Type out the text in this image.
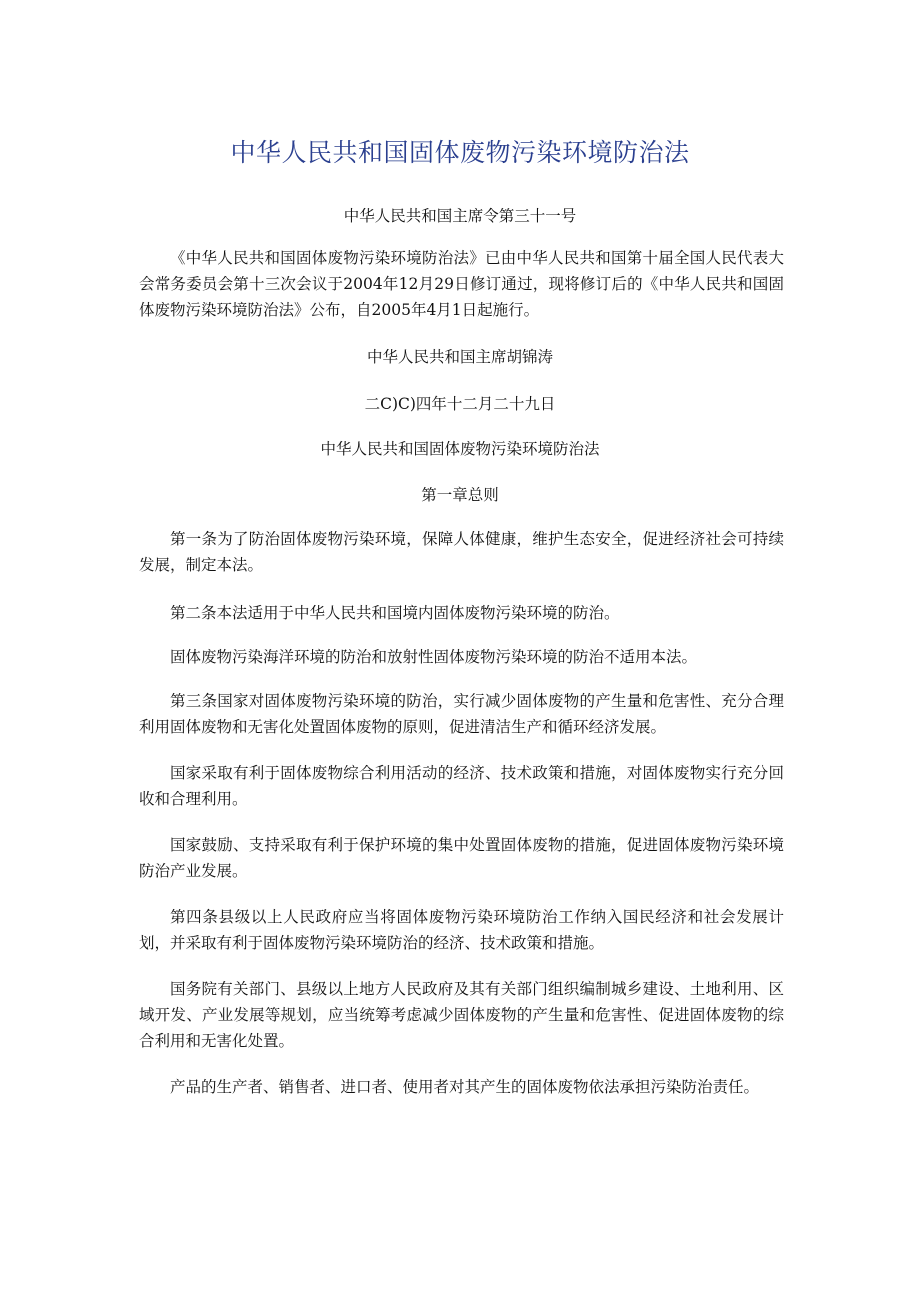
中华人民共和国固体废物污染环境防治法
中华人民共和国主席令第三十一号
《中华人民共和国固体废物污染环境防治法》已由中华人民共和国第十届全国人民代表大会常务委员会第十三次会议于2004年12月29日修订通过，现将修订后的《中华人民共和国固体废物污染环境防治法》公布，自2005年4月1日起施行。
中华人民共和国主席胡锦涛
二C)C)四年十二月二十九日
中华人民共和国固体废物污染环境防治法
第一章总则
第一条为了防治固体废物污染环境，保障人体健康，维护生态安全，促进经济社会可持续发展，制定本法。
第二条本法适用于中华人民共和国境内固体废物污染环境的防治。
固体废物污染海洋环境的防治和放射性固体废物污染环境的防治不适用本法。
第三条国家对固体废物污染环境的防治，实行减少固体废物的产生量和危害性、充分合理利用固体废物和无害化处置固体废物的原则，促进清洁生产和循环经济发展。
国家采取有利于固体废物综合利用活动的经济、技术政策和措施，对固体废物实行充分回收和合理利用。
国家鼓励、支持采取有利于保护环境的集中处置固体废物的措施，促进固体废物污染环境防治产业发展。
第四条县级以上人民政府应当将固体废物污染环境防治工作纳入国民经济和社会发展计划，并采取有利于固体废物污染环境防治的经济、技术政策和措施。
国务院有关部门、县级以上地方人民政府及其有关部门组织编制城乡建设、土地利用、区域开发、产业发展等规划，应当统筹考虑减少固体废物的产生量和危害性、促进固体废物的综合利用和无害化处置。
产品的生产者、销售者、进口者、使用者对其产生的固体废物依法承担污染防治责任。
